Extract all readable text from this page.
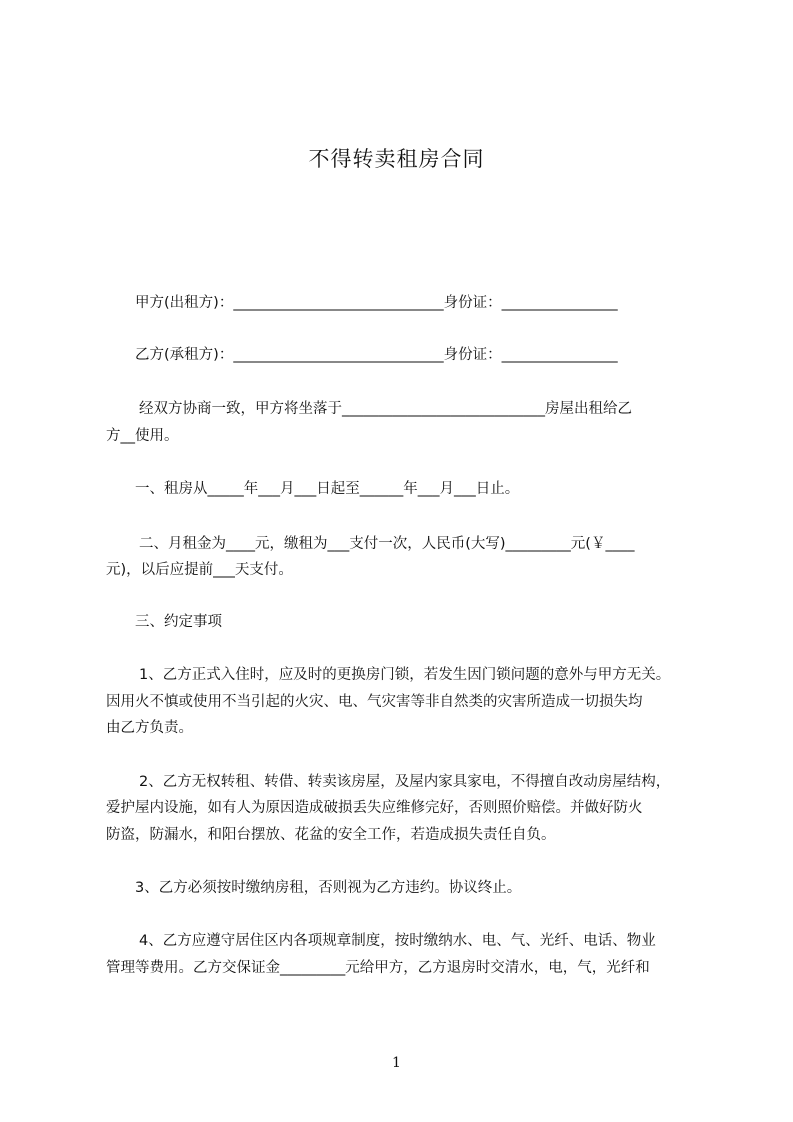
不得转卖租房合同
甲方(出租方)：_____________________________身份证：________________
乙方(承租方)：_____________________________身份证：________________
经双方协商一致，甲方将坐落于____________________________房屋出租给乙
方__使用。
一、租房从_____年___月___日起至______年___月___日止。
二、月租金为____元，缴租为___支付一次，人民币(大写)_________元(￥____
元)，以后应提前___天支付。
三、约定事项
1、乙方正式入住时，应及时的更换房门锁，若发生因门锁问题的意外与甲方无关。
因用火不慎或使用不当引起的火灾、电、气灾害等非自然类的灾害所造成一切损失均
由乙方负责。
2、乙方无权转租、转借、转卖该房屋，及屋内家具家电，不得擅自改动房屋结构，
爱护屋内设施，如有人为原因造成破损丢失应维修完好，否则照价赔偿。并做好防火
防盗，防漏水，和阳台摆放、花盆的安全工作，若造成损失责任自负。
3、乙方必须按时缴纳房租，否则视为乙方违约。协议终止。
4、乙方应遵守居住区内各项规章制度，按时缴纳水、电、气、光纤、电话、物业
管理等费用。乙方交保证金_________元给甲方，乙方退房时交清水，电，气，光纤和
1
